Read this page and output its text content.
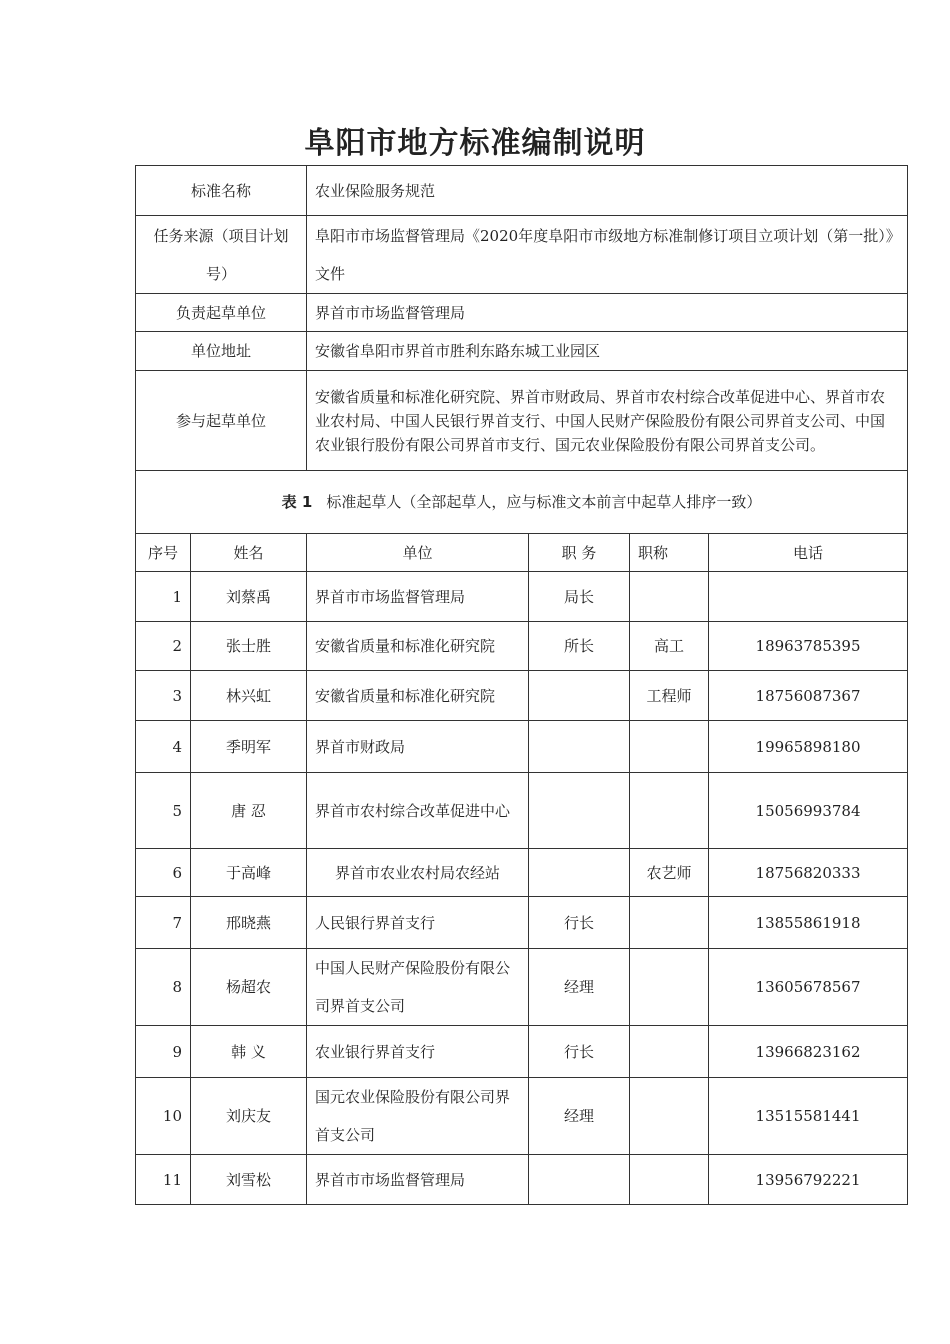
阜阳市地方标准编制说明
标准名称		农业保险服务规范			
任务来源（项目计划号）		阜阳市市场监督管理局《2020年度阜阳市市级地方标准制修订项目立项计划（第一批）》文件			
负责起草单位		界首市市场监督管理局			
单位地址		安徽省阜阳市界首市胜利东路东城工业园区			
参与起草单位		安徽省质量和标准化研究院、界首市财政局、界首市农村综合改革促进中心、界首市农业农村局、中国人民银行界首支行、中国人民财产保险股份有限公司界首支公司、中国农业银行股份有限公司界首市支行、国元农业保险股份有限公司界首支公司。			
表 1 标准起草人（全部起草人，应与标准文本前言中起草人排序一致）					
序号	姓名	单位	职 务	职称	电话
1	刘蔡禹	界首市市场监督管理局	局长		
2	张士胜	安徽省质量和标准化研究院	所长	高工	18963785395
3	林兴虹	安徽省质量和标准化研究院		工程师	18756087367
4	季明军	界首市财政局			19965898180
5	唐 忍	界首市农村综合改革促进中心			15056993784
6	于高峰	界首市农业农村局农经站		农艺师	18756820333
7	邢晓燕	人民银行界首支行	行长		13855861918
8	杨超农	中国人民财产保险股份有限公司界首支公司	经理		13605678567
9	韩 义	农业银行界首支行	行长		13966823162
10	刘庆友	国元农业保险股份有限公司界首支公司	经理		13515581441
11	刘雪松	界首市市场监督管理局			13956792221
